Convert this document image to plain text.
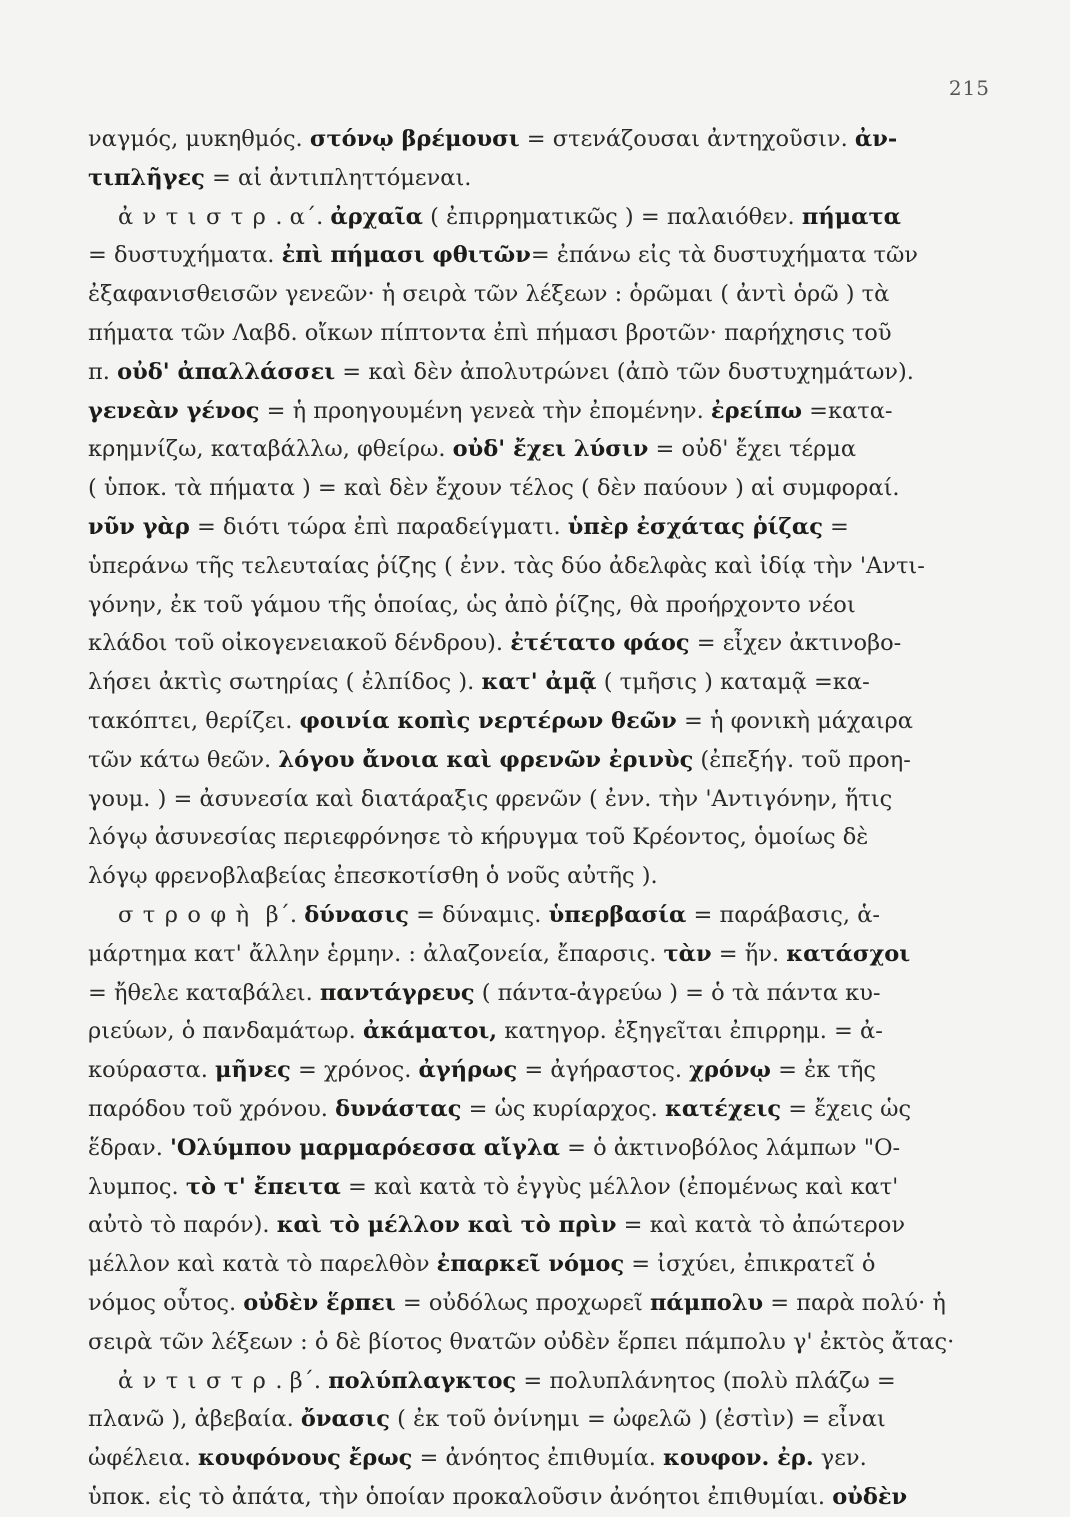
215
ναγμός, μυκηθμός. στόνῳ βρέμουσι = στενάζουσαι ἀντηχοῦσιν. ἀν-
τιπλῆγες = αἱ ἀντιπληττόμεναι.
ἀντιστρ. α΄. ἀρχαῖα ( ἐπιρρηματικῶς ) = παλαιόθεν. πήματα
= δυστυχήματα. ἐπὶ πήμασι φθιτῶν= ἐπάνω εἰς τὰ δυστυχήματα τῶν
ἐξαφανισθεισῶν γενεῶν· ἡ σειρὰ τῶν λέξεων : ὁρῶμαι ( ἀντὶ ὁρῶ ) τὰ
πήματα τῶν Λαβδ. οἴκων πίπτοντα ἐπὶ πήμασι βροτῶν· παρήχησις τοῦ
π. οὐδ' ἀπαλλάσσει = καὶ δὲν ἀπολυτρώνει (ἀπὸ τῶν δυστυχημάτων).
γενεὰν γένος = ἡ προηγουμένη γενεὰ τὴν ἐπομένην. ἐρείπω =κατα-
κρημνίζω, καταβάλλω, φθείρω. οὐδ' ἔχει λύσιν = οὐδ' ἔχει τέρμα
( ὑποκ. τὰ πήματα ) = καὶ δὲν ἔχουν τέλος ( δὲν παύουν ) αἱ συμφοραί.
νῦν γὰρ = διότι τώρα ἐπὶ παραδείγματι. ὑπὲρ ἐσχάτας ῥίζας =
ὑπεράνω τῆς τελευταίας ῥίζης ( ἐνν. τὰς δύο ἀδελφὰς καὶ ἰδίᾳ τὴν 'Αντι-
γόνην, ἐκ τοῦ γάμου τῆς ὁποίας, ὡς ἀπὸ ῥίζης, θὰ προήρχοντο νέοι
κλάδοι τοῦ οἰκογενειακοῦ δένδρου). ἐτέτατο φάος = εἶχεν ἀκτινοβο-
λήσει ἀκτὶς σωτηρίας ( ἐλπίδος ). κατ' ἀμᾷ ( τμῆσις ) καταμᾷ =κα-
τακόπτει, θερίζει. φοινία κοπὶς νερτέρων θεῶν = ἡ φονικὴ μάχαιρα
τῶν κάτω θεῶν. λόγου ἄνοια καὶ φρενῶν ἐρινὺς (ἐπεξήγ. τοῦ προη-
γουμ. ) = ἀσυνεσία καὶ διατάραξις φρενῶν ( ἐνν. τὴν 'Αντιγόνην, ἥτις
λόγῳ ἀσυνεσίας περιεφρόνησε τὸ κήρυγμα τοῦ Κρέοντος, ὁμοίως δὲ
λόγῳ φρενοβλαβείας ἐπεσκοτίσθη ὁ νοῦς αὐτῆς ).
στροφὴ β΄. δύνασις = δύναμις. ὑπερβασία = παράβασις, ἁ-
μάρτημα κατ' ἄλλην ἑρμην. : ἀλαζονεία, ἔπαρσις. τὰν = ἥν. κατάσχοι
= ἤθελε καταβάλει. παντάγρευς ( πάντα-ἀγρεύω ) = ὁ τὰ πάντα κυ-
ριεύων, ὁ πανδαμάτωρ. ἀκάματοι, κατηγορ. ἐξηγεῖται ἐπιρρημ. = ἀ-
κούραστα. μῆνες = χρόνος. ἀγήρως = ἀγήραστος. χρόνῳ = ἐκ τῆς
παρόδου τοῦ χρόνου. δυνάστας = ὡς κυρίαρχος. κατέχεις = ἔχεις ὡς
ἕδραν. 'Ολύμπου μαρμαρόεσσα αἴγλα = ὁ ἀκτινοβόλος λάμπων "Ο-
λυμπος. τὸ τ' ἔπειτα = καὶ κατὰ τὸ ἐγγὺς μέλλον (ἐπομένως καὶ κατ'
αὐτὸ τὸ παρόν). καὶ τὸ μέλλον καὶ τὸ πρὶν = καὶ κατὰ τὸ ἀπώτερον
μέλλον καὶ κατὰ τὸ παρελθὸν ἐπαρκεῖ νόμος = ἰσχύει, ἐπικρατεῖ ὁ
νόμος οὗτος. οὐδὲν ἕρπει = οὐδόλως προχωρεῖ πάμπολυ = παρὰ πολύ· ἡ
σειρὰ τῶν λέξεων : ὁ δὲ βίοτος θνατῶν οὐδὲν ἕρπει πάμπολυ γ' ἐκτὸς ἄτας·
ἀντιστρ. β΄. πολύπλαγκτος = πολυπλάνητος (πολὺ πλάζω =
πλανῶ ), ἀβεβαία. ὄνασις ( ἐκ τοῦ ὀνίνημι = ὠφελῶ ) (ἐστὶν) = εἶναι
ὠφέλεια. κουφόνους ἔρως = ἀνόητος ἐπιθυμία. κουφον. ἐρ. γεν.
ὑποκ. εἰς τὸ ἀπάτα, τὴν ὁποίαν προκαλοῦσιν ἀνόητοι ἐπιθυμίαι. οὐδὲν
